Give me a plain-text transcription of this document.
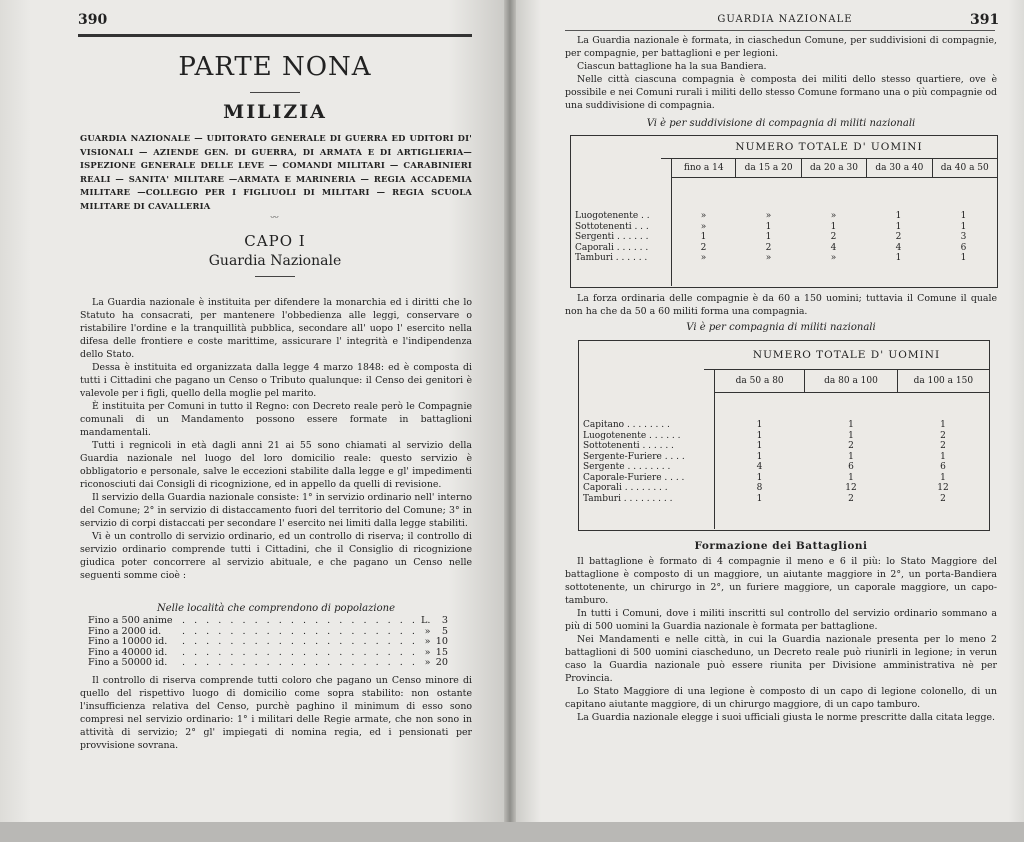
390
PARTE NONA
MILIZIA
GUARDIA NAZIONALE — UDITORATO GENERALE DI GUERRA ED UDITORI DI' VISIONALI — AZIENDE GEN. DI GUERRA, DI ARMATA E DI ARTIGLIERIA— ISPEZIONE GENERALE DELLE LEVE — COMANDI MILITARI — CARABINIERI REALI — SANITA' MILITARE —ARMATA E MARINERIA — REGIA ACCADEMIA MILITARE —COLLEGIO PER I FIGLIUOLI DI MILITARI — REGIA SCUOLA MILITARE DI CAVALLERIA
〰
CAPO I
Guardia Nazionale

La Guardia nazionale è instituita per difendere la monarchia ed i diritti che lo Statuto ha consacrati, per mantenere l'obbedienza alle leggi, conservare o ristabilire l'ordine e la tranquillità pubblica, secondare all' uopo l' esercito nella difesa delle frontiere e coste marittime, assicurare l' integrità e l'indipendenza dello Stato.

Dessa è instituita ed organizzata dalla legge 4 marzo 1848: ed è composta di tutti i Cittadini che pagano un Censo o Tributo qualunque: il Censo dei genitori è valevole per i figli, quello della moglie pel marito.

È instituita per Comuni in tutto il Regno: con Decreto reale però le Compagnie comunali di un Mandamento possono essere formate in battaglioni mandamentali.

Tutti i regnicoli in età dagli anni 21 ai 55 sono chiamati al servizio della Guardia nazionale nel luogo del loro domicilio reale: questo servizio è obbligatorio e personale, salve le eccezioni stabilite dalla legge e gl' impedimenti riconosciuti dai Consigli di ricognizione, ed in appello da quelli di revisione.

Il servizio della Guardia nazionale consiste: 1° in servizio ordinario nell' interno del Comune; 2° in servizio di distaccamento fuori del territorio del Comune; 3° in servizio di corpi distaccati per secondare l' esercito nei limiti dalla legge stabiliti.

Vi è un controllo di servizio ordinario, ed un controllo di riserva; il controllo di servizio ordinario comprende tutti i Cittadini, che il Consiglio di ricognizione giudica poter concorrere al servizio abituale, e che pagano un Censo nelle seguenti somme cioè :

Nelle località che comprendono di popolazione
Fino a 500 anime . . . . . . . . . . . . . . . . . . . . L.	3
Fino a 2000 id.	. . . . . . . . . . . . . . . . . . . . »	5
Fino a 10000 id.	. . . . . . . . . . . . . . . . . . . . » 10
Fino a 40000 id.	. . . . . . . . . . . . . . . . . . . . » 15
Fino a 50000 id.	. . . . . . . . . . . . . . . . . . . . » 20

Il controllo di riserva comprende tutti coloro che pagano un Censo minore di quello del rispettivo luogo di domicilio come sopra stabilito: non ostante l'insufficienza relativa del Censo, purchè paghino il minimum di esso sono compresi nel servizio ordinario: 1° i militari delle Regie armate, che non sono in attività di servizio; 2° gl' impiegati di nomina regia, ed i pensionati per provvisione sovrana.

GUARDIA NAZIONALE	391

La Guardia nazionale è formata, in ciaschedun Comune, per suddivisioni di compagnie, per compagnie, per battaglioni e per legioni.

Ciascun battaglione ha la sua Bandiera.

Nelle città ciascuna compagnia è composta dei militi dello stesso quartiere, ove è possibile e nei Comuni rurali i militi dello stesso Comune formano una o più compagnie od una suddivisione di compagnia.

Vi è per suddivisione di compagnia di militi nazionali
NUMERO TOTALE D' UOMINI
fino a 14	da 15 a 20	da 20 a 30	da 30 a 40	da 40 a 50
Luogotenente . .	»	»	»	1	1
Sottotenenti . . .	»	1	1	1	1
Sergenti . . . . . .	1	1	2	2	3
Caporali . . . . . .	2	2	4	4	6
Tamburi . . . . . .	»	»	»	1	1

La forza ordinaria delle compagnie è da 60 a 150 uomini; tuttavia il Comune il quale non ha che da 50 a 60 militi forma una compagnia.

Vi è per compagnia di militi nazionali
NUMERO TOTALE D' UOMINI
da 50 a 80	da 80 a 100	da 100 a 150
Capitano . . . . . . . .	1	1	1
Luogotenente . . . . . .	1	1	2
Sottotenenti . . . . . .	1	2	2
Sergente-Furiere . . . .	1	1	1
Sergente . . . . . . . .	4	6	6
Caporale-Furiere . . . .	1	1	1
Caporali . . . . . . . .	8	12	12
Tamburi . . . . . . . . .	1	2	2
Formazione dei Battaglioni

Il battaglione è formato di 4 compagnie il meno e 6 il più: lo Stato Maggiore del battaglione è composto di un maggiore, un aiutante maggiore in 2°, un porta-Bandiera sottotenente, un chirurgo in 2°, un furiere maggiore, un caporale maggiore, un capo-tamburo.

In tutti i Comuni, dove i militi inscritti sul controllo del servizio ordinario sommano a più di 500 uomini la Guardia nazionale è formata per battaglione.

Nei Mandamenti e nelle città, in cui la Guardia nazionale presenta per lo meno 2 battaglioni di 500 uomini ciascheduno, un Decreto reale può riunirli in legione; in verun caso la Guardia nazionale può essere riunita per Divisione amministrativa nè per Provincia.

Lo Stato Maggiore di una legione è composto di un capo di legione colonello, di un capitano aiutante maggiore, di un chirurgo maggiore, di un capo tamburo.

La Guardia nazionale elegge i suoi ufficiali giusta le norme prescritte dalla citata legge.
